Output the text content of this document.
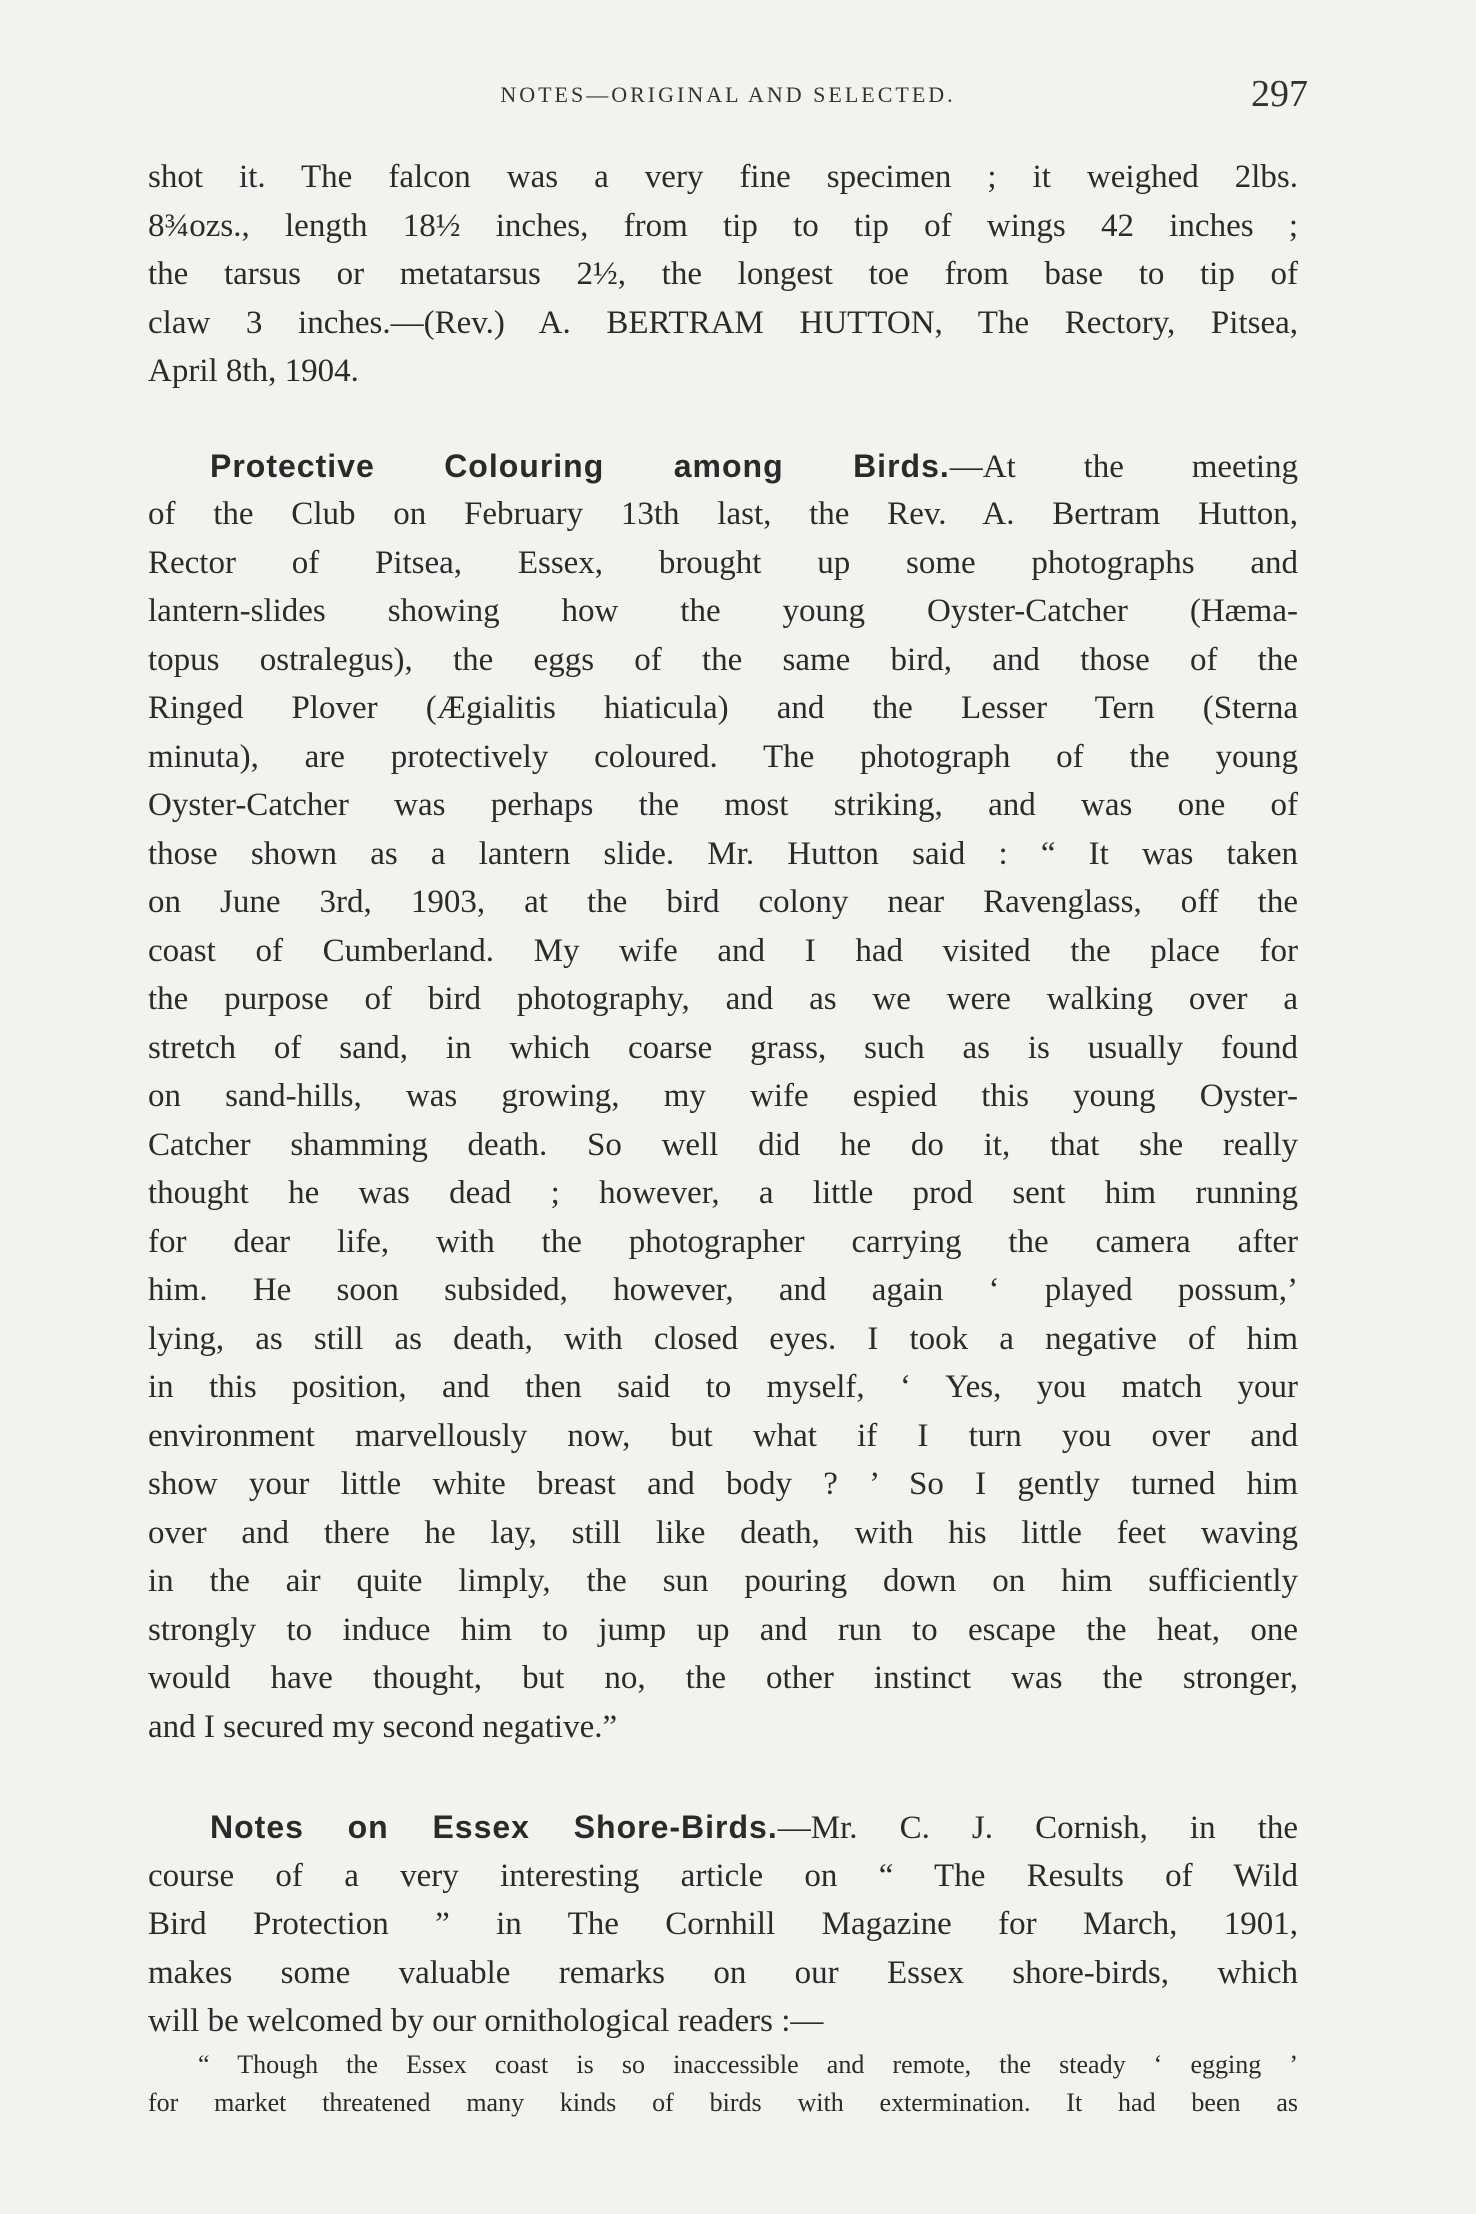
NOTES—ORIGINAL AND SELECTED.	297
shot it. The falcon was a very fine specimen ; it weighed 2lbs.
8¾ozs., length 18½ inches, from tip to tip of wings 42 inches ;
the tarsus or metatarsus 2½, the longest toe from base to tip of
claw 3 inches.—(Rev.) A. BERTRAM HUTTON, The Rectory, Pitsea,
April 8th, 1904.
Protective Colouring among Birds.—At the meeting
of the Club on February 13th last, the Rev. A. Bertram Hutton,
Rector of Pitsea, Essex, brought up some photographs and
lantern-slides showing how the young Oyster-Catcher (Hæma-
topus ostralegus), the eggs of the same bird, and those of the
Ringed Plover (Ægialitis hiaticula) and the Lesser Tern (Sterna
minuta), are protectively coloured. The photograph of the young
Oyster-Catcher was perhaps the most striking, and was one of
those shown as a lantern slide. Mr. Hutton said : “ It was taken
on June 3rd, 1903, at the bird colony near Ravenglass, off the
coast of Cumberland. My wife and I had visited the place for
the purpose of bird photography, and as we were walking over a
stretch of sand, in which coarse grass, such as is usually found
on sand-hills, was growing, my wife espied this young Oyster-
Catcher shamming death. So well did he do it, that she really
thought he was dead ; however, a little prod sent him running
for dear life, with the photographer carrying the camera after
him. He soon subsided, however, and again ‘ played possum,’
lying, as still as death, with closed eyes. I took a negative of him
in this position, and then said to myself, ‘ Yes, you match your
environment marvellously now, but what if I turn you over and
show your little white breast and body ? ’ So I gently turned him
over and there he lay, still like death, with his little feet waving
in the air quite limply, the sun pouring down on him sufficiently
strongly to induce him to jump up and run to escape the heat, one
would have thought, but no, the other instinct was the stronger,
and I secured my second negative.”
Notes on Essex Shore-Birds.—Mr. C. J. Cornish, in the
course of a very interesting article on “ The Results of Wild
Bird Protection ” in The Cornhill Magazine for March, 1901,
makes some valuable remarks on our Essex shore-birds, which
will be welcomed by our ornithological readers :—
“ Though the Essex coast is so inaccessible and remote, the steady ‘ egging ’
for market threatened many kinds of birds with extermination. It had been as
